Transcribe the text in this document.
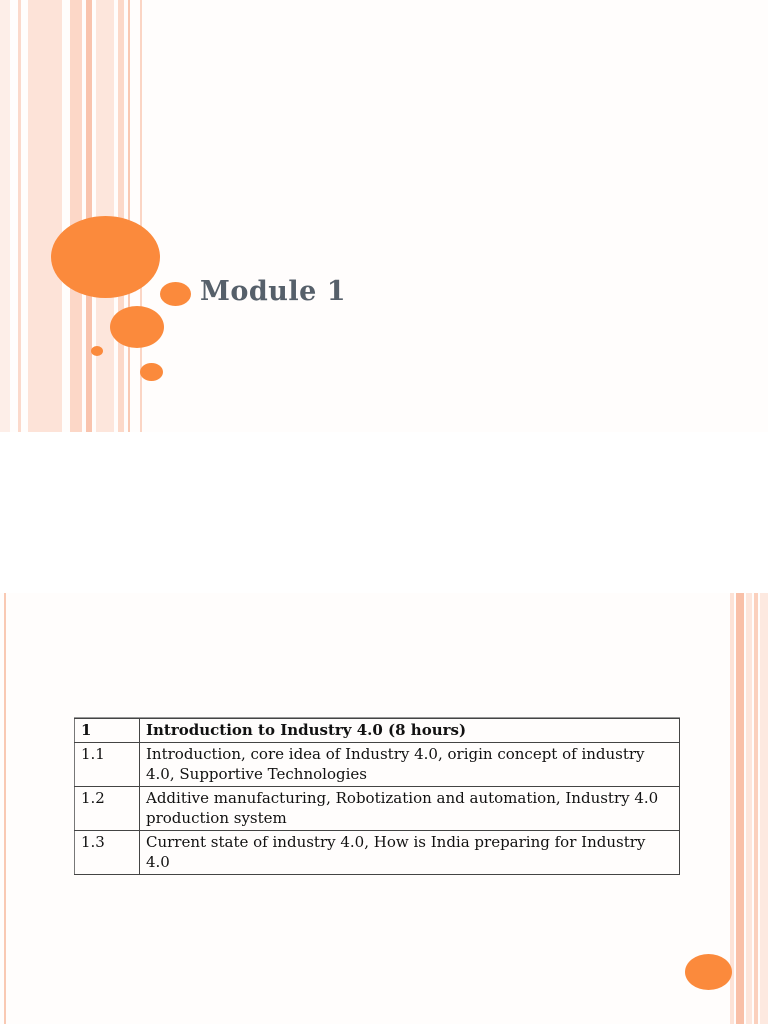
Module 1
1	Introduction to Industry 4.0 (8 hours)
1.1	Introduction, core idea of Industry 4.0, origin concept of industry 4.0, Supportive Technologies
1.2	Additive manufacturing, Robotization and automation, Industry 4.0 production system
1.3	Current state of industry 4.0, How is India preparing for Industry 4.0
